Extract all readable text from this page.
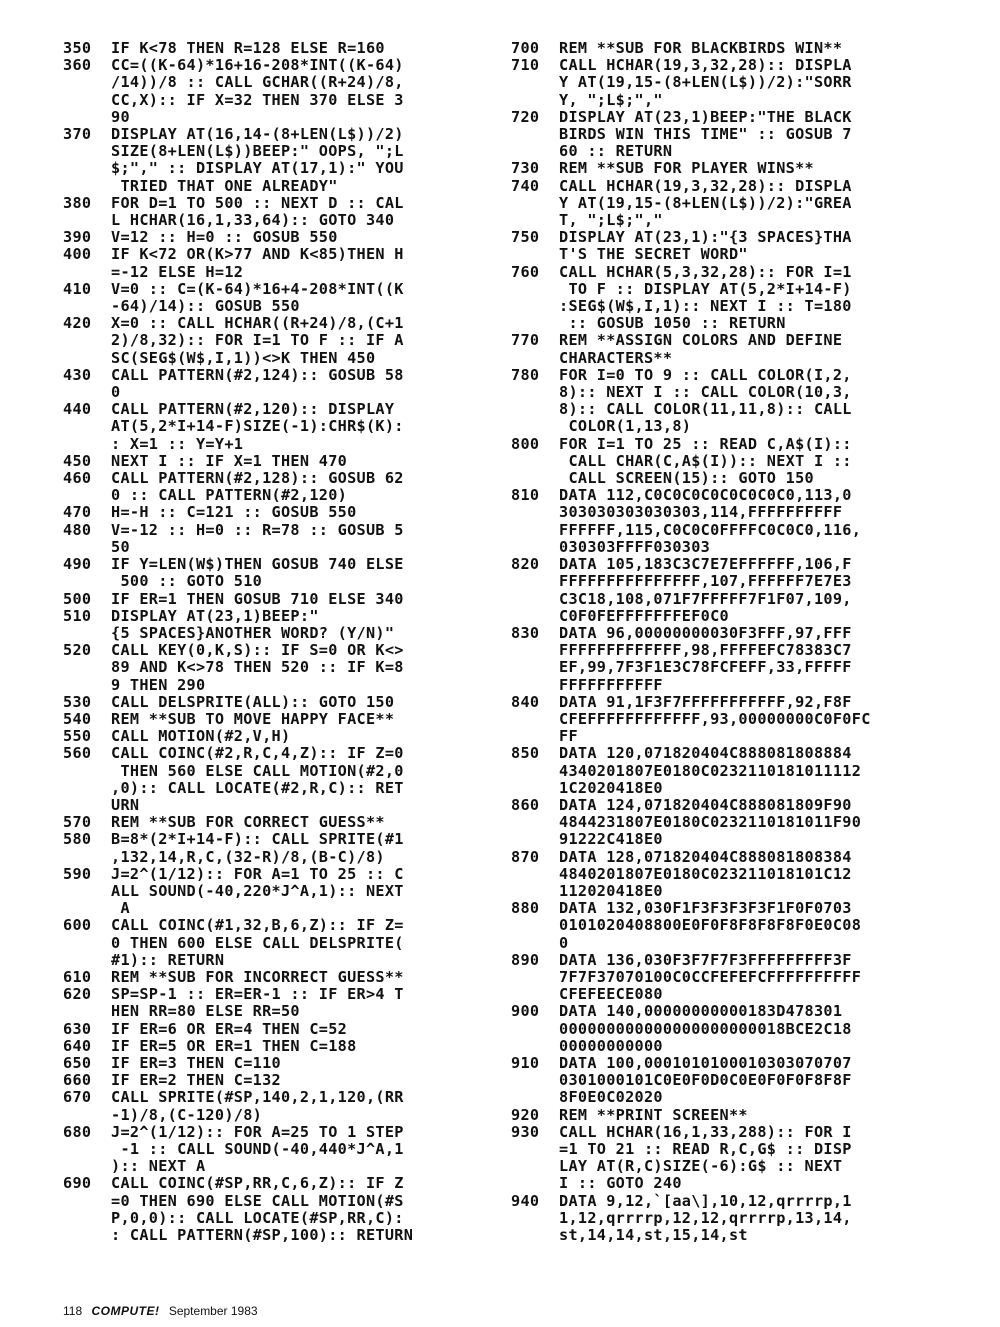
350	IF K<78 THEN R=128 ELSE R=160
360	CC=((K-64)*16+16-208*INT((K-64)
/14))/8 :: CALL GCHAR((R+24)/8,
CC,X):: IF X=32 THEN 370 ELSE 3
90
370	DISPLAY AT(16,14-(8+LEN(L$))/2)
SIZE(8+LEN(L$))BEEP:" OOPS, ";L
$;"," :: DISPLAY AT(17,1):" YOU
TRIED THAT ONE ALREADY"
380	FOR D=1 TO 500 :: NEXT D :: CAL
L HCHAR(16,1,33,64):: GOTO 340
390	V=12 :: H=0 :: GOSUB 550
400	IF K<72 OR(K>77 AND K<85)THEN H
=-12 ELSE H=12
410	V=0 :: C=(K-64)*16+4-208*INT((K
-64)/14):: GOSUB 550
420	X=0 :: CALL HCHAR((R+24)/8,(C+1
2)/8,32):: FOR I=1 TO F :: IF A
SC(SEG$(W$,I,1))<>K THEN 450
430	CALL PATTERN(#2,124):: GOSUB 58
0
440	CALL PATTERN(#2,120):: DISPLAY
AT(5,2*I+14-F)SIZE(-1):CHR$(K):
: X=1 :: Y=Y+1
450	NEXT I :: IF X=1 THEN 470
460	CALL PATTERN(#2,128):: GOSUB 62
0 :: CALL PATTERN(#2,120)
470	H=-H :: C=121 :: GOSUB 550
480	V=-12 :: H=0 :: R=78 :: GOSUB 5
50
490	IF Y=LEN(W$)THEN GOSUB 740 ELSE
500 :: GOTO 510
500	IF ER=1 THEN GOSUB 710 ELSE 340
510	DISPLAY AT(23,1)BEEP:"
{5 SPACES}ANOTHER WORD? (Y/N)"
520	CALL KEY(0,K,S):: IF S=0 OR K<>
89 AND K<>78 THEN 520 :: IF K=8
9 THEN 290
530	CALL DELSPRITE(ALL):: GOTO 150
540	REM **SUB TO MOVE HAPPY FACE**
550	CALL MOTION(#2,V,H)
560	CALL COINC(#2,R,C,4,Z):: IF Z=0
THEN 560 ELSE CALL MOTION(#2,0
,0):: CALL LOCATE(#2,R,C):: RET
URN
570	REM **SUB FOR CORRECT GUESS**
580	B=8*(2*I+14-F):: CALL SPRITE(#1
,132,14,R,C,(32-R)/8,(B-C)/8)
590	J=2^(1/12):: FOR A=1 TO 25 :: C
ALL SOUND(-40,220*J^A,1):: NEXT
A
600	CALL COINC(#1,32,B,6,Z):: IF Z=
0 THEN 600 ELSE CALL DELSPRITE(
#1):: RETURN
610	REM **SUB FOR INCORRECT GUESS**
620	SP=SP-1 :: ER=ER-1 :: IF ER>4 T
HEN RR=80 ELSE RR=50
630	IF ER=6 OR ER=4 THEN C=52
640	IF ER=5 OR ER=1 THEN C=188
650	IF ER=3 THEN C=110
660	IF ER=2 THEN C=132
670	CALL SPRITE(#SP,140,2,1,120,(RR
-1)/8,(C-120)/8)
680	J=2^(1/12):: FOR A=25 TO 1 STEP
-1 :: CALL SOUND(-40,440*J^A,1
):: NEXT A
690	CALL COINC(#SP,RR,C,6,Z):: IF Z
=0 THEN 690 ELSE CALL MOTION(#S
P,0,0):: CALL LOCATE(#SP,RR,C):
: CALL PATTERN(#SP,100):: RETURN
700	REM **SUB FOR BLACKBIRDS WIN**
710	CALL HCHAR(19,3,32,28):: DISPLA
Y AT(19,15-(8+LEN(L$))/2):"SORR
Y, ";L$;","
720	DISPLAY AT(23,1)BEEP:"THE BLACK
BIRDS WIN THIS TIME" :: GOSUB 7
60 :: RETURN
730	REM **SUB FOR PLAYER WINS**
740	CALL HCHAR(19,3,32,28):: DISPLA
Y AT(19,15-(8+LEN(L$))/2):"GREA
T, ";L$;","
750	DISPLAY AT(23,1):"{3 SPACES}THA
T'S THE SECRET WORD"
760	CALL HCHAR(5,3,32,28):: FOR I=1
TO F :: DISPLAY AT(5,2*I+14-F)
:SEG$(W$,I,1):: NEXT I :: T=180
:: GOSUB 1050 :: RETURN
770	REM **ASSIGN COLORS AND DEFINE
CHARACTERS**
780	FOR I=0 TO 9 :: CALL COLOR(I,2,
8):: NEXT I :: CALL COLOR(10,3,
8):: CALL COLOR(11,11,8):: CALL
COLOR(1,13,8)
800	FOR I=1 TO 25 :: READ C,A$(I)::
CALL CHAR(C,A$(I)):: NEXT I ::
CALL SCREEN(15):: GOTO 150
810	DATA 112,C0C0C0C0C0C0C0C0,113,0
303030303030303,114,FFFFFFFFFF
FFFFFF,115,C0C0C0FFFFC0C0C0,116,
030303FFFF030303
820	DATA 105,183C3C7E7EFFFFFF,106,F
FFFFFFFFFFFFFFF,107,FFFFFF7E7E3
C3C18,108,071F7FFFFF7F1F07,109,
C0F0FEFFFFFFFEF0C0
830	DATA 96,00000000030F3FFF,97,FFF
FFFFFFFFFFFFF,98,FFFFEFC78383C7
EF,99,7F3F1E3C78FCFEFF,33,FFFFF
FFFFFFFFFFF
840	DATA 91,1F3F7FFFFFFFFFFF,92,F8F
CFEFFFFFFFFFFFF,93,00000000C0F0FC
FF
850	DATA 120,071820404C888081808884
4340201807E0180C0232110181011112
1C2020418E0
860	DATA 124,071820404C888081809F90
4844231807E0180C0232110181011F90
91222C418E0
870	DATA 128,071820404C888081808384
4840201807E0180C023211018101C12
112020418E0
880	DATA 132,030F1F3F3F3F3F1F0F0703
0101020408800E0F0F8F8F8F8F0E0C08
0
890	DATA 136,030F3F7F7F3FFFFFFFFF3F
7F7F37070100C0CCFEFEFCFFFFFFFFFF
CFEFEECE080
900	DATA 140,00000000000183D478301
000000000000000000000018BCE2C18
00000000000
910	DATA 100,0001010100010303070707
0301000101C0E0F0D0C0E0F0F0F8F8F
8F0E0C02020
920	REM **PRINT SCREEN**
930	CALL HCHAR(16,1,33,288):: FOR I
=1 TO 21 :: READ R,C,G$ :: DISP
LAY AT(R,C)SIZE(-6):G$ :: NEXT
I :: GOTO 240
940	DATA 9,12,`[aa\],10,12,qrrrrp,1
1,12,qrrrrp,12,12,qrrrrp,13,14,
st,14,14,st,15,14,st
118 COMPUTE! September 1983
